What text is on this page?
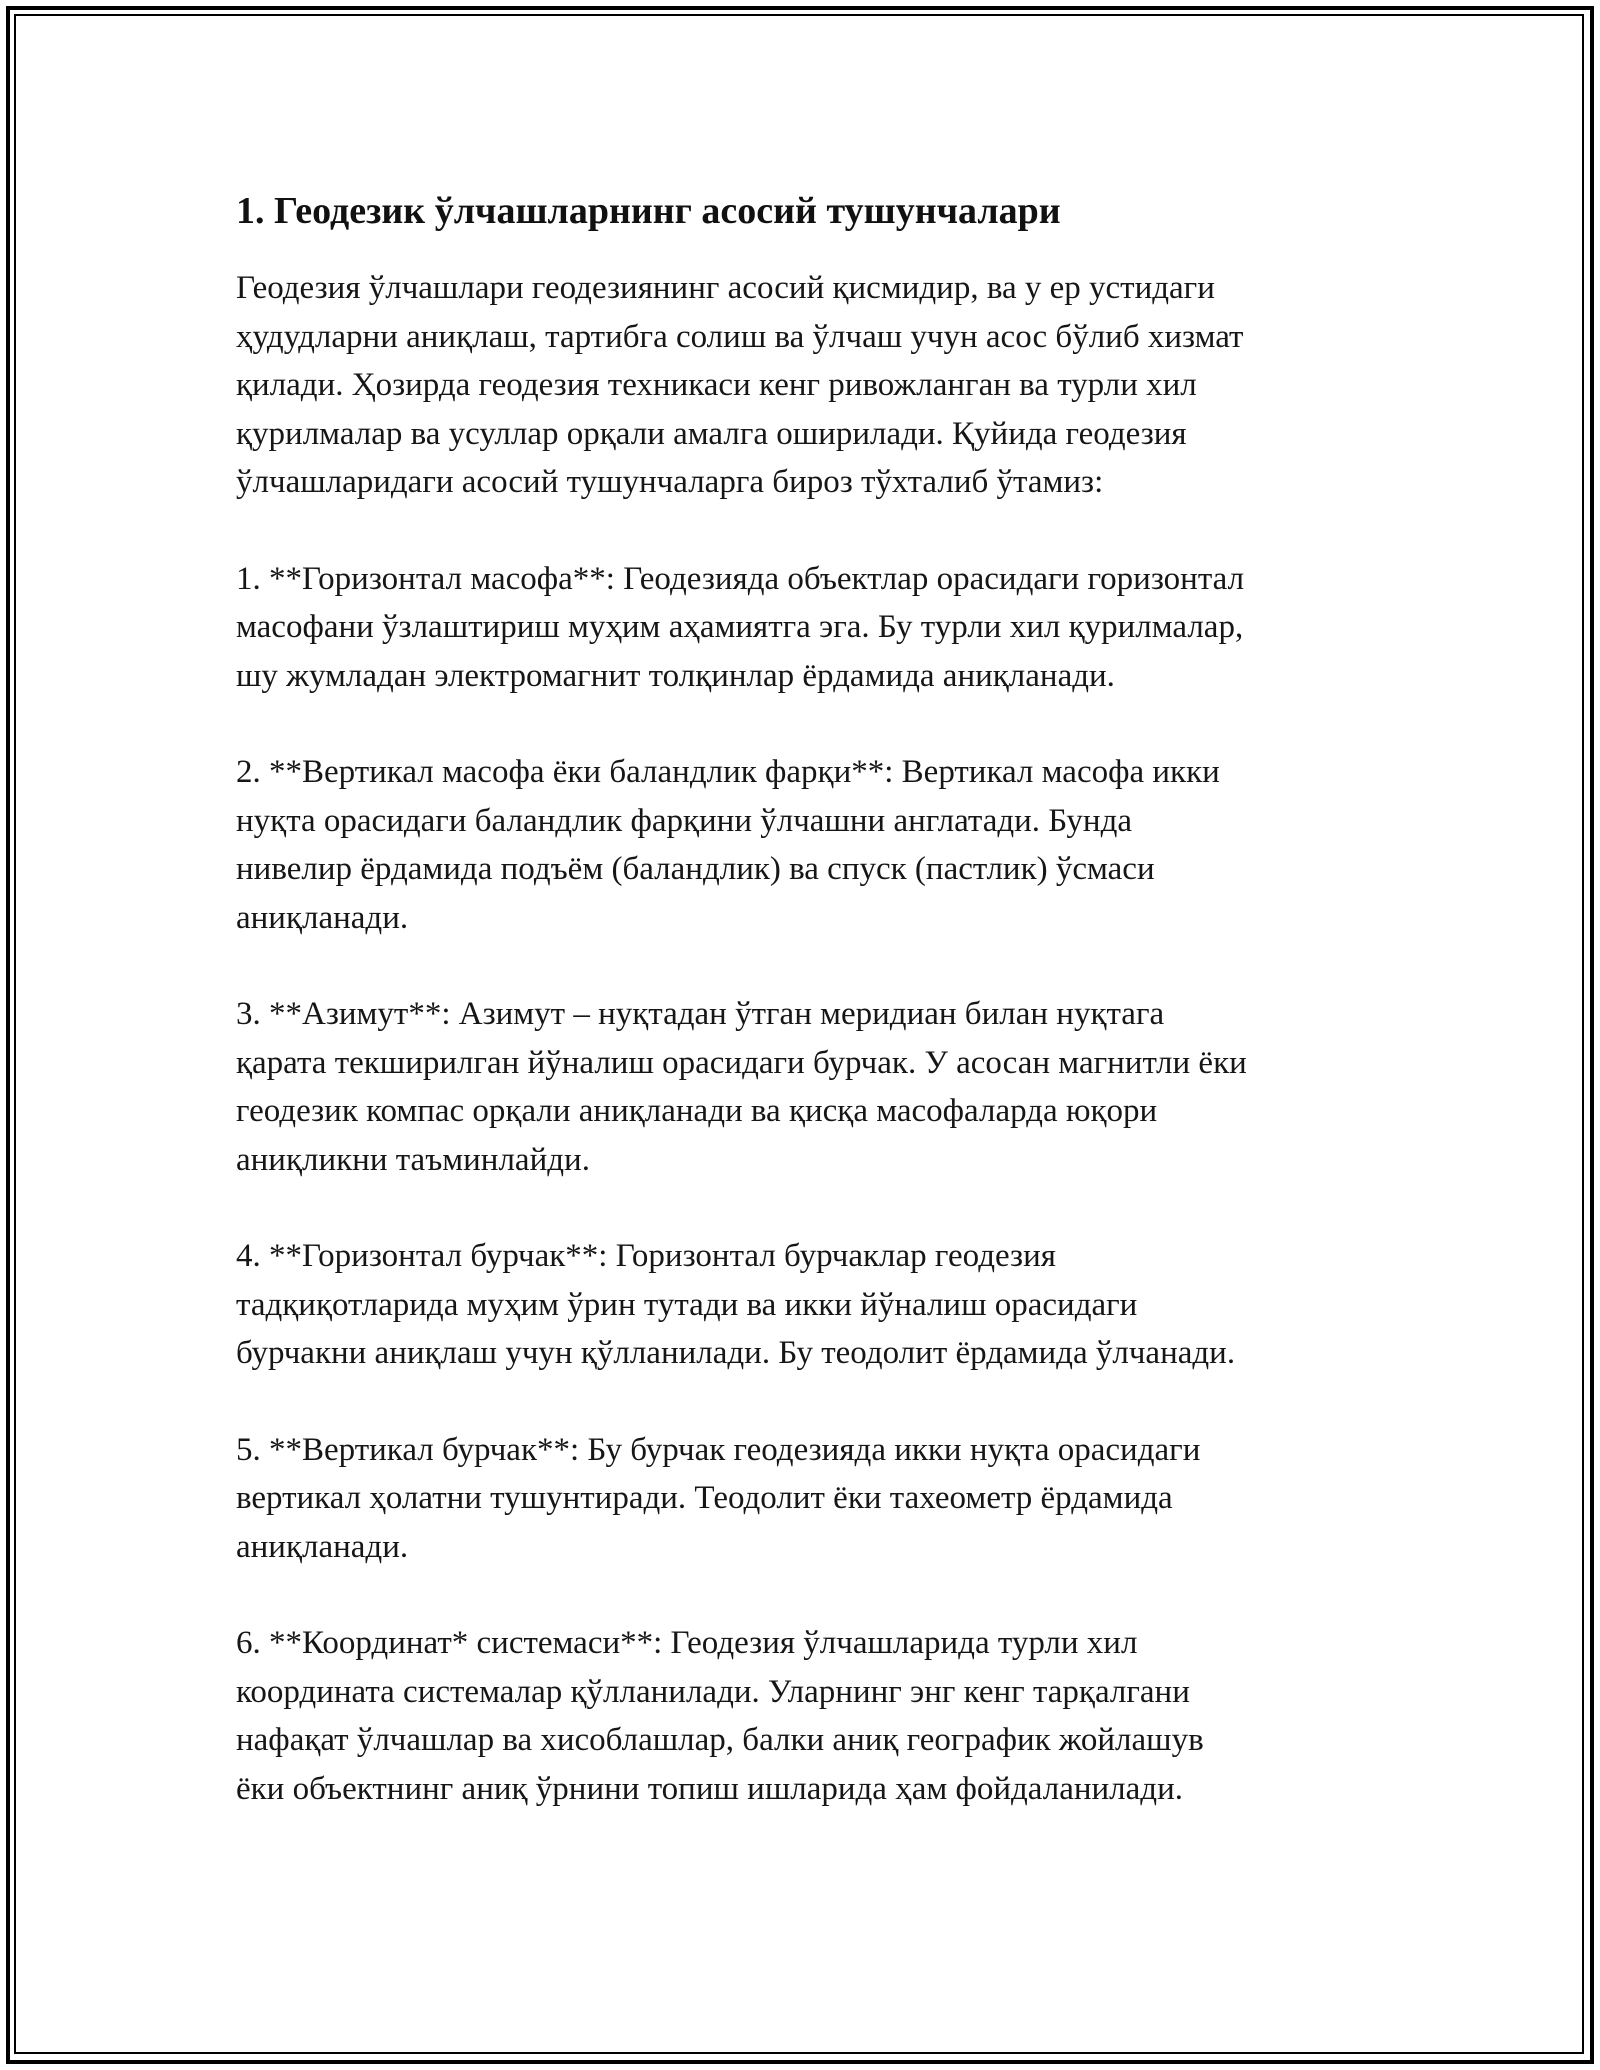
1. Геодезик ўлчашларнинг асосий тушунчалари

Геодезия ўлчашлари геодезиянинг асосий қисмидир, ва у ер устидаги
ҳудудларни аниқлаш, тартибга солиш ва ўлчаш учун асос бўлиб хизмат
қилади. Ҳозирда геодезия техникаси кенг ривожланган ва турли хил
қурилмалар ва усуллар орқали амалга оширилади. Қуйида геодезия
ўлчашларидаги асосий тушунчаларга бироз тўхталиб ўтамиз:

1. **Горизонтал масофа**: Геодезияда объектлар орасидаги горизонтал
масофани ўзлаштириш муҳим аҳамиятга эга. Бу турли хил қурилмалар,
шу жумладан электромагнит толқинлар ёрдамида аниқланади.

2. **Вертикал масофа ёки баландлик фарқи**: Вертикал масофа икки
нуқта орасидаги баландлик фарқини ўлчашни англатади. Бунда
нивелир ёрдамида подъём (баландлик) ва спуск (пастлик) ўсмаси
аниқланади.

3. **Азимут**: Азимут – нуқтадан ўтган меридиан билан нуқтага
қарата текширилган йўналиш орасидаги бурчак. У асосан магнитли ёки
геодезик компас орқали аниқланади ва қисқа масофаларда юқори
аниқликни таъминлайди.

4. **Горизонтал бурчак**: Горизонтал бурчаклар геодезия
тадқиқотларида муҳим ўрин тутади ва икки йўналиш орасидаги
бурчакни аниқлаш учун қўлланилади. Бу теодолит ёрдамида ўлчанади.

5. **Вертикал бурчак**: Бу бурчак геодезияда икки нуқта орасидаги
вертикал ҳолатни тушунтиради. Теодолит ёки тахеометр ёрдамида
аниқланади.

6. **Координат* системаси**: Геодезия ўлчашларида турли хил
координата системалар қўлланилади. Уларнинг энг кенг тарқалгани
нафақат ўлчашлар ва хисоблашлар, балки аниқ географик жойлашув
ёки объектнинг аниқ ўрнини топиш ишларида ҳам фойдаланилади.
